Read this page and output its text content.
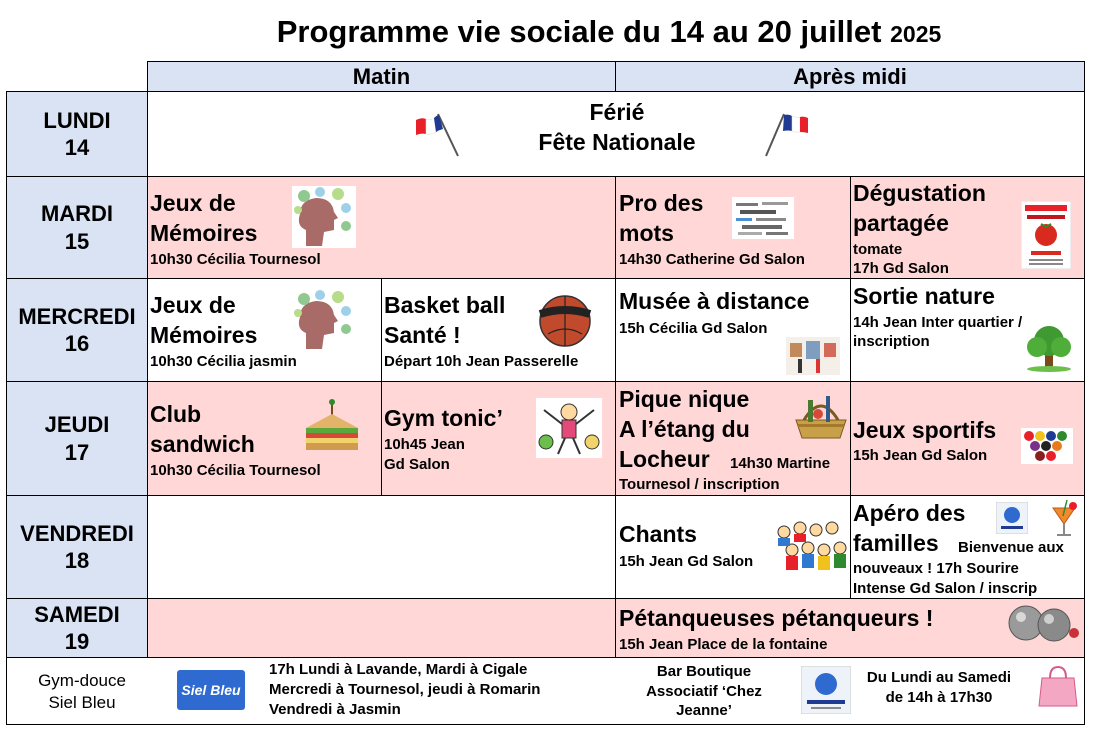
Programme vie sociale du 14 au 20 juillet 2025
Matin	Après midi
LUNDI
14
MARDI
15
MERCREDI
16
JEUDI
17
VENDREDI
18
SAMEDI
19
Férié
Fête Nationale
Jeux de
Mémoires
10h30 Cécilia Tournesol
Pro des
mots
14h30 Catherine Gd Salon
Dégustation
partagée
tomate
17h Gd Salon
Jeux de
Mémoires
10h30 Cécilia jasmin
Basket ball
Santé !
Départ 10h Jean Passerelle
Musée à distance
15h Cécilia Gd Salon
Sortie nature
14h Jean Inter quartier /
inscription
Club
sandwich
10h30 Cécilia Tournesol
Gym tonic’
10h45 Jean
Gd Salon
Pique nique
A l’étang du
Locheur 14h30 Martine
Tournesol / inscription
Jeux sportifs
15h Jean Gd Salon
Chants
15h Jean Gd Salon
Apéro des
familles Bienvenue aux
nouveaux ! 17h Sourire
Intense Gd Salon / inscrip
Pétanqueuses pétanqueurs !
15h Jean Place de la fontaine
Gym-douce
Siel Bleu
Siel Bleu
17h Lundi à Lavande, Mardi à Cigale
Mercredi à Tournesol, jeudi à Romarin
Vendredi à Jasmin
Bar Boutique
Associatif ‘Chez
Jeanne’
Du Lundi au Samedi
de 14h à 17h30
